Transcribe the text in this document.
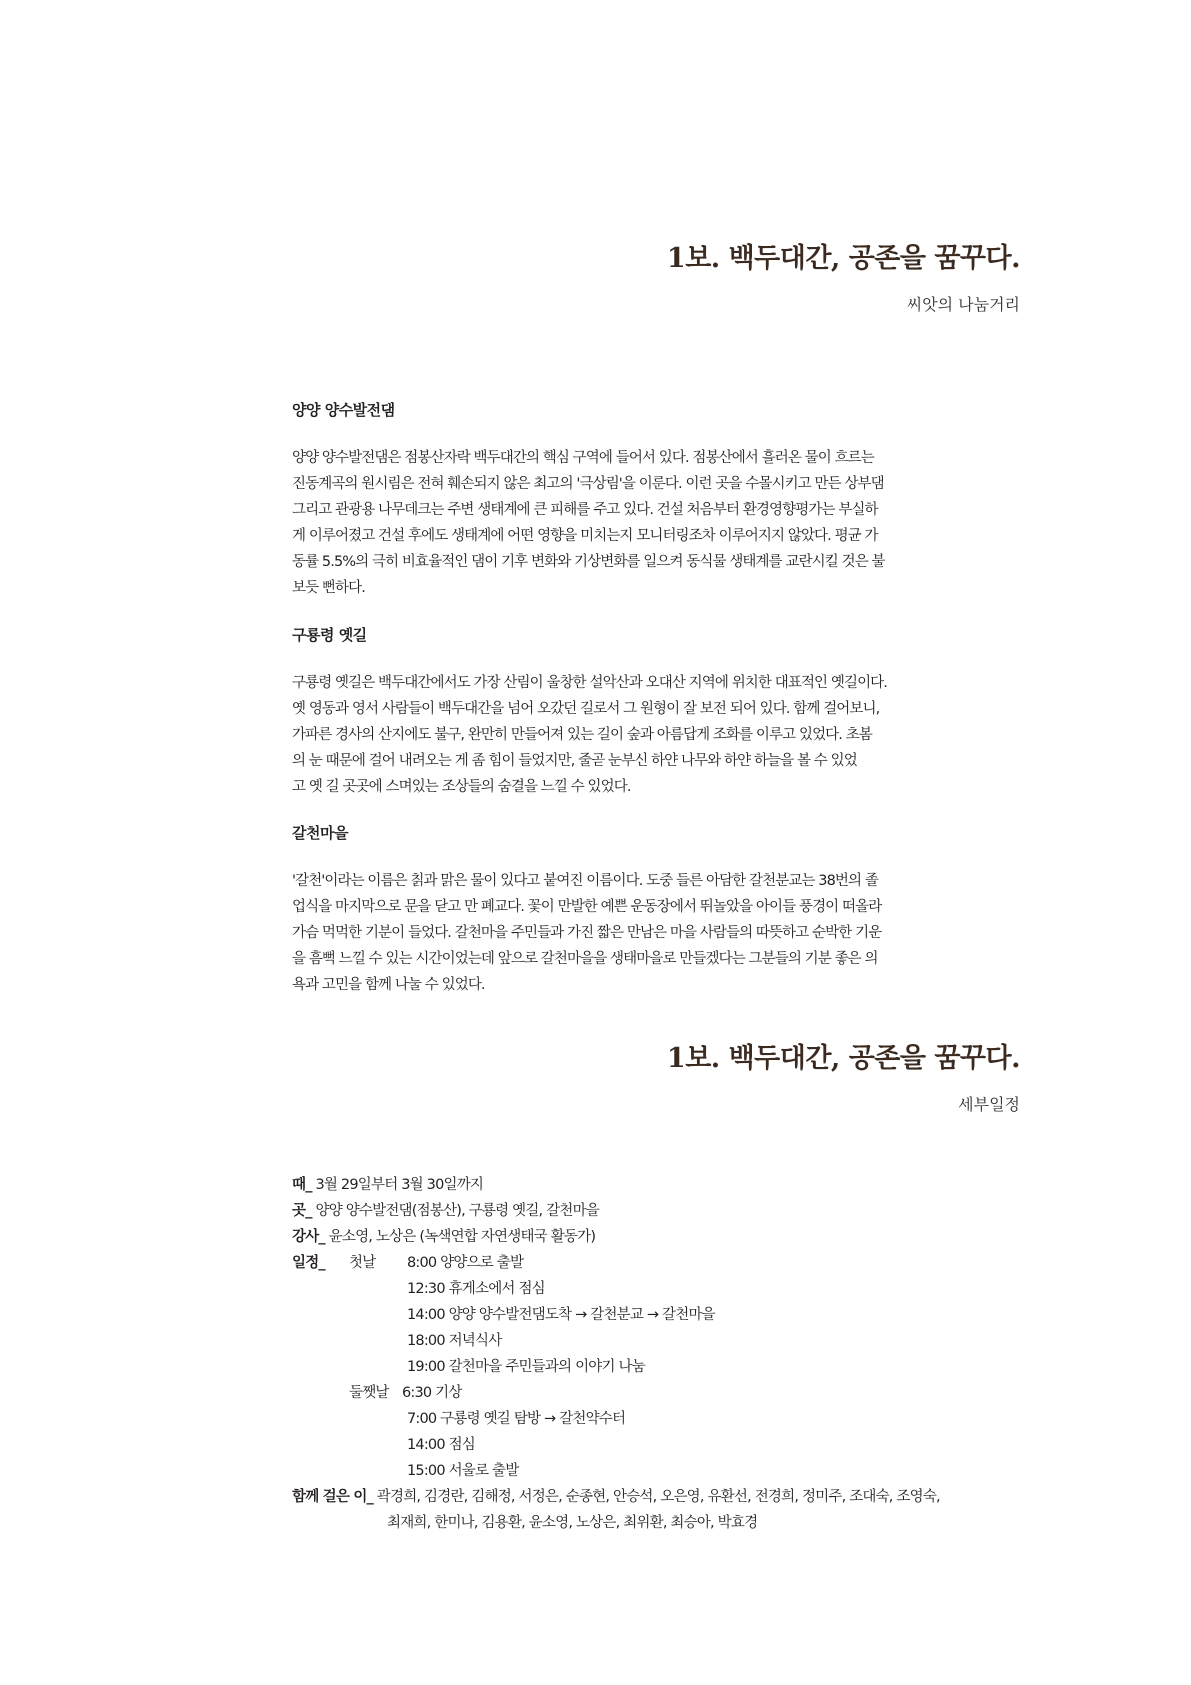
1보. 백두대간, 공존을 꿈꾸다.
씨앗의 나눔거리

양양 양수발전댐

양양 양수발전댐은 점봉산자락 백두대간의 핵심 구역에 들어서 있다. 점봉산에서 흘러온 물이 흐르는
진동계곡의 원시림은 전혀 훼손되지 않은 최고의 '극상림'을 이룬다. 이런 곳을 수몰시키고 만든 상부댐
그리고 관광용 나무데크는 주변 생태계에 큰 피해를 주고 있다. 건설 처음부터 환경영향평가는 부실하
게 이루어졌고 건설 후에도 생태계에 어떤 영향을 미치는지 모니터링조차 이루어지지 않았다. 평균 가
동률 5.5%의 극히 비효율적인 댐이 기후 변화와 기상변화를 일으켜 동식물 생태계를 교란시킬 것은 불
보듯 뻔하다.

구룡령 옛길

구룡령 옛길은 백두대간에서도 가장 산림이 울창한 설악산과 오대산 지역에 위치한 대표적인 옛길이다.
옛 영동과 영서 사람들이 백두대간을 넘어 오갔던 길로서 그 원형이 잘 보전 되어 있다. 함께 걸어보니,
가파른 경사의 산지에도 불구, 완만히 만들어져 있는 길이 숲과 아름답게 조화를 이루고 있었다. 초봄
의 눈 때문에 걸어 내려오는 게 좀 힘이 들었지만, 줄곧 눈부신 하얀 나무와 하얀 하늘을 볼 수 있었
고 옛 길 곳곳에 스며있는 조상들의 숨결을 느낄 수 있었다.

갈천마을

'갈천'이라는 이름은 칡과 맑은 물이 있다고 붙여진 이름이다. 도중 들른 아담한 갈천분교는 38번의 졸
업식을 마지막으로 문을 닫고 만 폐교다. 꽃이 만발한 예쁜 운동장에서 뛰놀았을 아이들 풍경이 떠올라
가슴 먹먹한 기분이 들었다. 갈천마을 주민들과 가진 짧은 만남은 마을 사람들의 따뜻하고 순박한 기운
을 흠뻑 느낄 수 있는 시간이었는데 앞으로 갈천마을을 생태마을로 만들겠다는 그분들의 기분 좋은 의
욕과 고민을 함께 나눌 수 있었다.

1보. 백두대간, 공존을 꿈꾸다.
세부일정
때_ 3월 29일부터 3월 30일까지
곳_ 양양 양수발전댐(점봉산), 구룡령 옛길, 갈천마을
강사_ 윤소영, 노상은 (녹색연합 자연생태국 활동가)
일정_ 첫날 8:00 양양으로 출발
12:30 휴게소에서 점심
14:00 양양 양수발전댐도착 → 갈천분교 → 갈천마을
18:00 저녁식사
19:00 갈천마을 주민들과의 이야기 나눔
둘쨋날 6:30 기상
7:00 구룡령 옛길 탐방 → 갈천약수터
14:00 점심
15:00 서울로 출발
함께 걸은 이_ 곽경희, 김경란, 김해정, 서정은, 순종현, 안승석, 오은영, 유환선, 전경희, 정미주, 조대숙, 조영숙,
최재희, 한미나, 김용환, 윤소영, 노상은, 최위환, 최승아, 박효경
